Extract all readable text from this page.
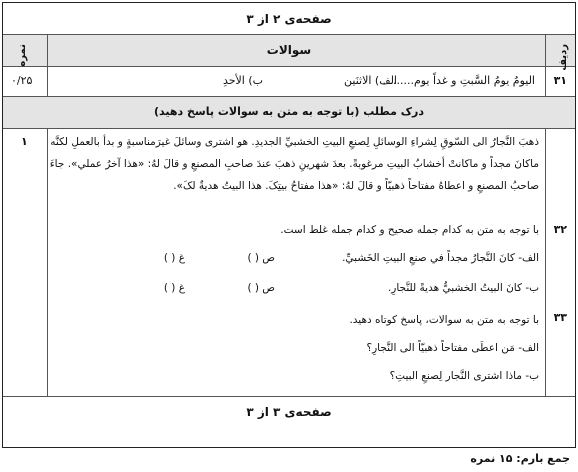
صفحه‌ی ۲ از ۳
ردیف
سوالات
نمره
۳۱
اليومُ يومُ السَّبتِ و غداً يوم.........
الف) الاثنَين
ب) الأحدِ
۰/۲۵
درک مطلب (با توجه به متن به سوالات پاسخ دهید)
۱ ذهبَ النَّجارُ الی السّوقِ لِشراءِ الوسائلِ لِصنعِ البیتِ الخشبيِّ الجدیدِ. هو اشتری وسائلَ غیرَمناسبةٍ و بدأ بالعملِ لکنَّه
ماکانَ مجداً و ماکانتْ أخشابُ البیتِ مرغوبةً. بعدَ شهرینِ ذهبَ عندَ صاحبِ المصنعِ و قالَ لهُ: «هذا آخرُ عملي». جاءَ
صاحبُ المصنعِ و اعطاهُ مفتاحاً ذهبیّاً و قالَ لهُ: «هذا مفتاحُ بیتِکَ. هذا البیتُ هدیةٌ لکَ».
۳۲
با توجه به متن به کدام جمله صحیح و کدام جمله غلط است.
الف- کانَ النَّجارُ مجداً في صنعِ البیتِ الخَشبيِّ.
ص ( )
غ ( )
ب- کانَ البیتُ الخشبيُّ هدیةً للنَّجارِ.
ص ( )
غ ( )
۳۳
با توجه به متن به سوالات، پاسخ کوتاه دهید.
الف- مَن اعطَی مفتاحاً ذهبیّاً الی النَّجارِ؟
ب- ماذا اشتری النَّجار لِصنعِ البیتِ؟
صفحه‌ی ۳ از ۳
جمع بارم: ۱۵ نمره
